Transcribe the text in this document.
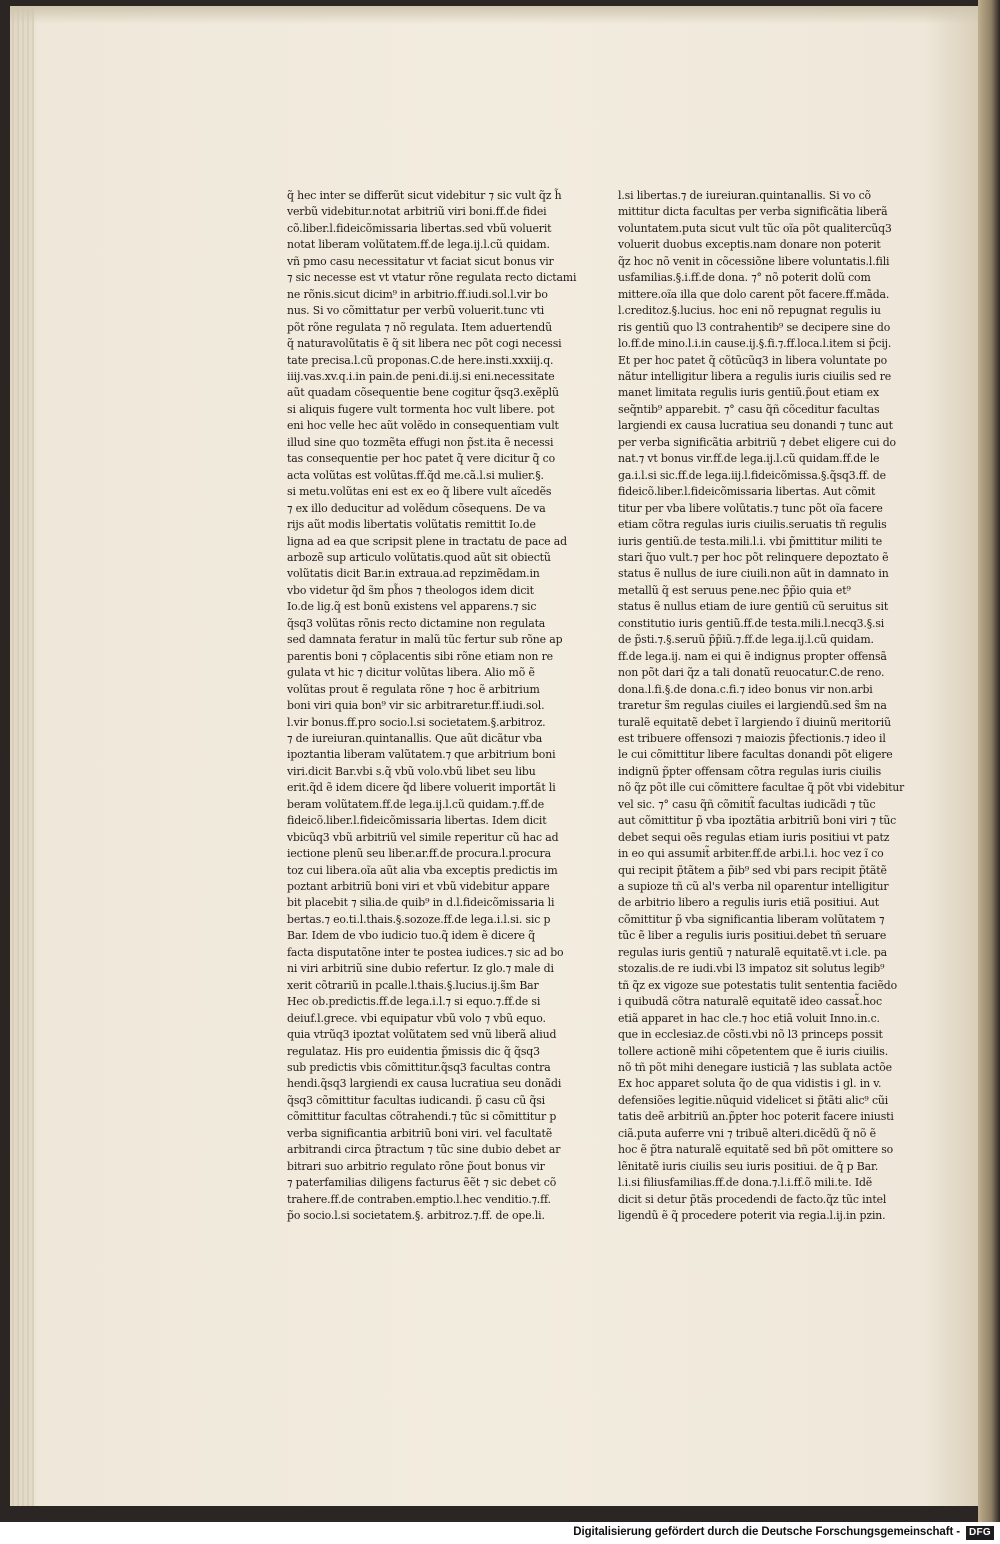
q̃ hec inter se differũt sicut videbitur ⁊ sic vult q̃z h̃
verbũ videbitur.notat arbitriũ viri boni.ff.de fidei
cõ.liber.l.fideicõmissaria libertas.sed vbũ voluerit
notat liberam volũtatem.ff.de lega.ij.l.cũ quidam.
vñ pmo casu necessitatur vt faciat sicut bonus vir
⁊ sic necesse est vt vtatur rõne regulata recto dictami
ne rõnis.sicut dicim⁹ in arbitrio.ff.iudi.sol.l.vir bo
nus. Si vo cõmittatur per verbũ voluerit.tunc vti
põt rõne regulata ⁊ nõ regulata. Item aduertendũ
q̃ naturavolũtatis ẽ q̃ sit libera nec põt cogi necessi
tate precisa.l.cũ proponas.C.de here.insti.xxxiij.q.
iiij.vas.xv.q.i.in pain.de peni.di.ij.si eni.necessitate
aũt quadam cõsequentie bene cogitur q̃sq3.exẽplũ
si aliquis fugere vult tormenta hoc vult libere. pot
eni hoc velle hec aũt volẽdo in consequentiam vult
illud sine quo tozmẽta effugi non p̃st.ita ẽ necessi
tas consequentie per hoc patet q̃ vere dicitur q̃ co
acta volũtas est volũtas.ff.q̃d me.cã.l.si mulier.§.
si metu.volũtas eni est ex eo q̃ libere vult aĩcedẽs
⁊ ex illo deducitur ad volẽdum cõsequens. De va
rijs aũt modis libertatis volũtatis remittit Io.de
ligna ad ea que scripsit plene in tractatu de pace ad
arbozẽ sup articulo volũtatis.quod aũt sit obiectũ
volũtatis dicit Bar.in extraua.ad repzimẽdam.in
vbo videtur q̃d s̃m ph̃os ⁊ theologos idem dicit
Io.de lig.q̃ est bonũ existens vel apparens.⁊ sic
q̃sq3 volũtas rõnis recto dictamine non regulata
sed damnata feratur in malũ tũc fertur sub rõne ap
parentis boni ⁊ cõplacentis sibi rõne etiam non re
gulata vt hic ⁊ dicitur volũtas libera. Alio mõ ẽ
volũtas prout ẽ regulata rõne ⁊ hoc ẽ arbitrium
boni viri quia bon⁹ vir sic arbitraretur.ff.iudi.sol.
l.vir bonus.ff.pro socio.l.si societatem.§.arbitroz.
⁊ de iureiuran.quintanallis. Que aũt dicãtur vba
ipoztantia liberam valũtatem.⁊ que arbitrium boni
viri.dicit Bar.vbi s.q̃ vbũ volo.vbũ libet seu libu
erit.q̃d ẽ idem dicere q̃d libere voluerit importãt li
beram volũtatem.ff.de lega.ij.l.cũ quidam.⁊.ff.de
fideicõ.liber.l.fideicõmissaria libertas. Idem dicit
vbicũq3 vbũ arbitriũ vel simile reperitur cũ hac ad
iectione plenũ seu liber.ar.ff.de procura.l.procura
toz cui libera.oĩa aũt alia vba exceptis predictis im
poztant arbitriũ boni viri et vbũ videbitur appare
bit placebit ⁊ silia.de quib⁹ in d.l.fideicõmissaria li
bertas.⁊ eo.ti.l.thais.§.sozoze.ff.de lega.i.l.si. sic p
Bar. Idem de vbo iudicio tuo.q̃ idem ẽ dicere q̃
facta disputatõne inter te postea iudices.⁊ sic ad bo
ni viri arbitriũ sine dubio refertur. Iz glo.⁊ male di
xerit cõtrariũ in pcalle.l.thais.§.lucius.ij.s̃m Bar
Hec ob.predictis.ff.de lega.i.l.⁊ si equo.⁊.ff.de si
deiuf.l.grece. vbi equipatur vbũ volo ⁊ vbũ equo.
quia vtrũq3 ipoztat volũtatem sed vnũ liberã aliud
regulataz. His pro euidentia p̃missis dic q̃ q̃sq3
sub predictis vbis cõmittitur.q̃sq3 facultas contra
hendi.q̃sq3 largiendi ex causa lucratiua seu donãdi
q̃sq3 cõmittitur facultas iudicandi. p̃ casu cũ q̃si
cõmittitur facultas cõtrahendi.⁊ tũc si cõmittitur p
verba significantia arbitriũ boni viri. vel facultatẽ
arbitrandi circa p̃tractum ⁊ tũc sine dubio debet ar
bitrari suo arbitrio regulato rõne p̃out bonus vir
⁊ paterfamilias diligens facturus ẽẽt ⁊ sic debet cõ
trahere.ff.de contraben.emptio.l.hec venditio.⁊.ff.
p̃o socio.l.si societatem.§. arbitroz.⁊.ff. de ope.li.
l.si libertas.⁊ de iureiuran.quintanallis. Si vo cõ
mittitur dicta facultas per verba significãtia liberã
voluntatem.puta sicut vult tũc oĩa põt qualitercũq3
voluerit duobus exceptis.nam donare non poterit
q̃z hoc nõ venit in cõcessiõne libere voluntatis.l.fili
usfamilias.§.i.ff.de dona. ⁊° nõ poterit dolũ com
mittere.oĩa illa que dolo carent põt facere.ff.mãda.
l.creditoz.§.lucius. hoc eni nõ repugnat regulis iu
ris gentiũ quo l3 contrahentib⁹ se decipere sine do
lo.ff.de mino.l.i.in cause.ij.§.fi.⁊.ff.loca.l.item si p̃cij.
Et per hoc patet q̃ cõtũcũq3 in libera voluntate po
nãtur intelligitur libera a regulis iuris ciuilis sed re
manet limitata regulis iuris gentiũ.p̃out etiam ex
seq̃ntib⁹ apparebit. ⁊° casu q̃ñ cõceditur facultas
largiendi ex causa lucratiua seu donandi ⁊ tunc aut
per verba significãtia arbitriũ ⁊ debet eligere cui do
nat.⁊ vt bonus vir.ff.de lega.ij.l.cũ quidam.ff.de le
ga.i.l.si sic.ff.de lega.iij.l.fideicõmissa.§.q̃sq3.ff. de
fideicõ.liber.l.fideicõmissaria libertas. Aut cõmit
titur per vba libere volũtatis.⁊ tunc põt oĩa facere
etiam cõtra regulas iuris ciuilis.seruatis tñ regulis
iuris gentiũ.de testa.mili.l.i. vbi p̃mittitur militi te
stari q̃uo vult.⁊ per hoc põt relinquere depoztato ẽ
status ẽ nullus de iure ciuili.non aũt in damnato in
metallũ q̃ est seruus pene.nec p̃p̃io quia et⁹
status ẽ nullus etiam de iure gentiũ cũ seruitus sit
constitutio iuris gentiũ.ff.de testa.mili.l.necq3.§.si
de p̃sti.⁊.§.seruũ p̃p̃iũ.⁊.ff.de lega.ij.l.cũ quidam.
ff.de lega.ij. nam ei qui ẽ indignus propter offensã
non põt dari q̃z a tali donatũ reuocatur.C.de reno.
dona.l.fi.§.de dona.c.fi.⁊ ideo bonus vir non.arbi
traretur s̃m regulas ciuiles ei largiendũ.sed s̃m na
turalẽ equitatẽ debet ĩ largiendo ĩ diuinũ meritoriũ
est tribuere offensozi ⁊ maiozis p̃fectionis.⁊ ideo il
le cui cõmittitur libere facultas donandi põt eligere
indignũ p̃pter offensam cõtra regulas iuris ciuilis
nõ q̃z põt ille cui cõmittere facultae q̃ põt vbi videbitur
vel sic. ⁊° casu q̃ñ cõmitit̃ facultas iudicãdi ⁊ tũc
aut cõmittitur p̃ vba ipoztãtia arbitriũ boni viri ⁊ tũc
debet sequi oẽs regulas etiam iuris positiui vt patz
in eo qui assumit̃ arbiter.ff.de arbi.l.i. hoc vez ĩ co
qui recipit p̃tãtem a p̃ib⁹ sed vbi pars recipit p̃tãtẽ
a supioze tñ cũ al's verba nil oparentur intelligitur
de arbitrio libero a regulis iuris etiã positiui. Aut
cõmittitur p̃ vba significantia liberam volũtatem ⁊
tũc ẽ liber a regulis iuris positiui.debet tñ seruare
regulas iuris gentiũ ⁊ naturalẽ equitatẽ.vt i.cle. pa
stozalis.de re iudi.vbi l3 impatoz sit solutus legib⁹
tñ q̃z ex vigoze sue potestatis tulit sententia faciẽdo
i quibudã cõtra naturalẽ equitatẽ ideo cassat̃.hoc
etiã apparet in hac cle.⁊ hoc etiã voluit Inno.in.c.
que in ecclesiaz.de cõsti.vbi nõ l3 princeps possit
tollere actionẽ mihi cõpetentem que ẽ iuris ciuilis.
nõ tñ põt mihi denegare iusticiã ⁊ las sublata actõe
Ex hoc apparet soluta q̃o de qua vidistis i gl. in v.
defensiões legitie.nũquid videlicet si p̃tãti alic⁹ cũi
tatis deẽ arbitriũ an.p̃pter hoc poterit facere iniusti
ciã.puta auferre vni ⁊ tribuẽ alteri.dicẽdũ q̃ nõ ẽ
hoc ẽ p̃tra naturalẽ equitatẽ sed bñ põt omittere so
lẽnitatẽ iuris ciuilis seu iuris positiui. de q̃ p Bar.
l.i.si filiusfamilias.ff.de dona.⁊.l.i.ff.õ mili.te. Idẽ
dicit si detur p̃tãs procedendi de facto.q̃z tũc intel
ligendũ ẽ q̃ procedere poterit via regia.l.ij.in pzin.
Digitalisierung gefördert durch die Deutsche Forschungsgemeinschaft - DFG
